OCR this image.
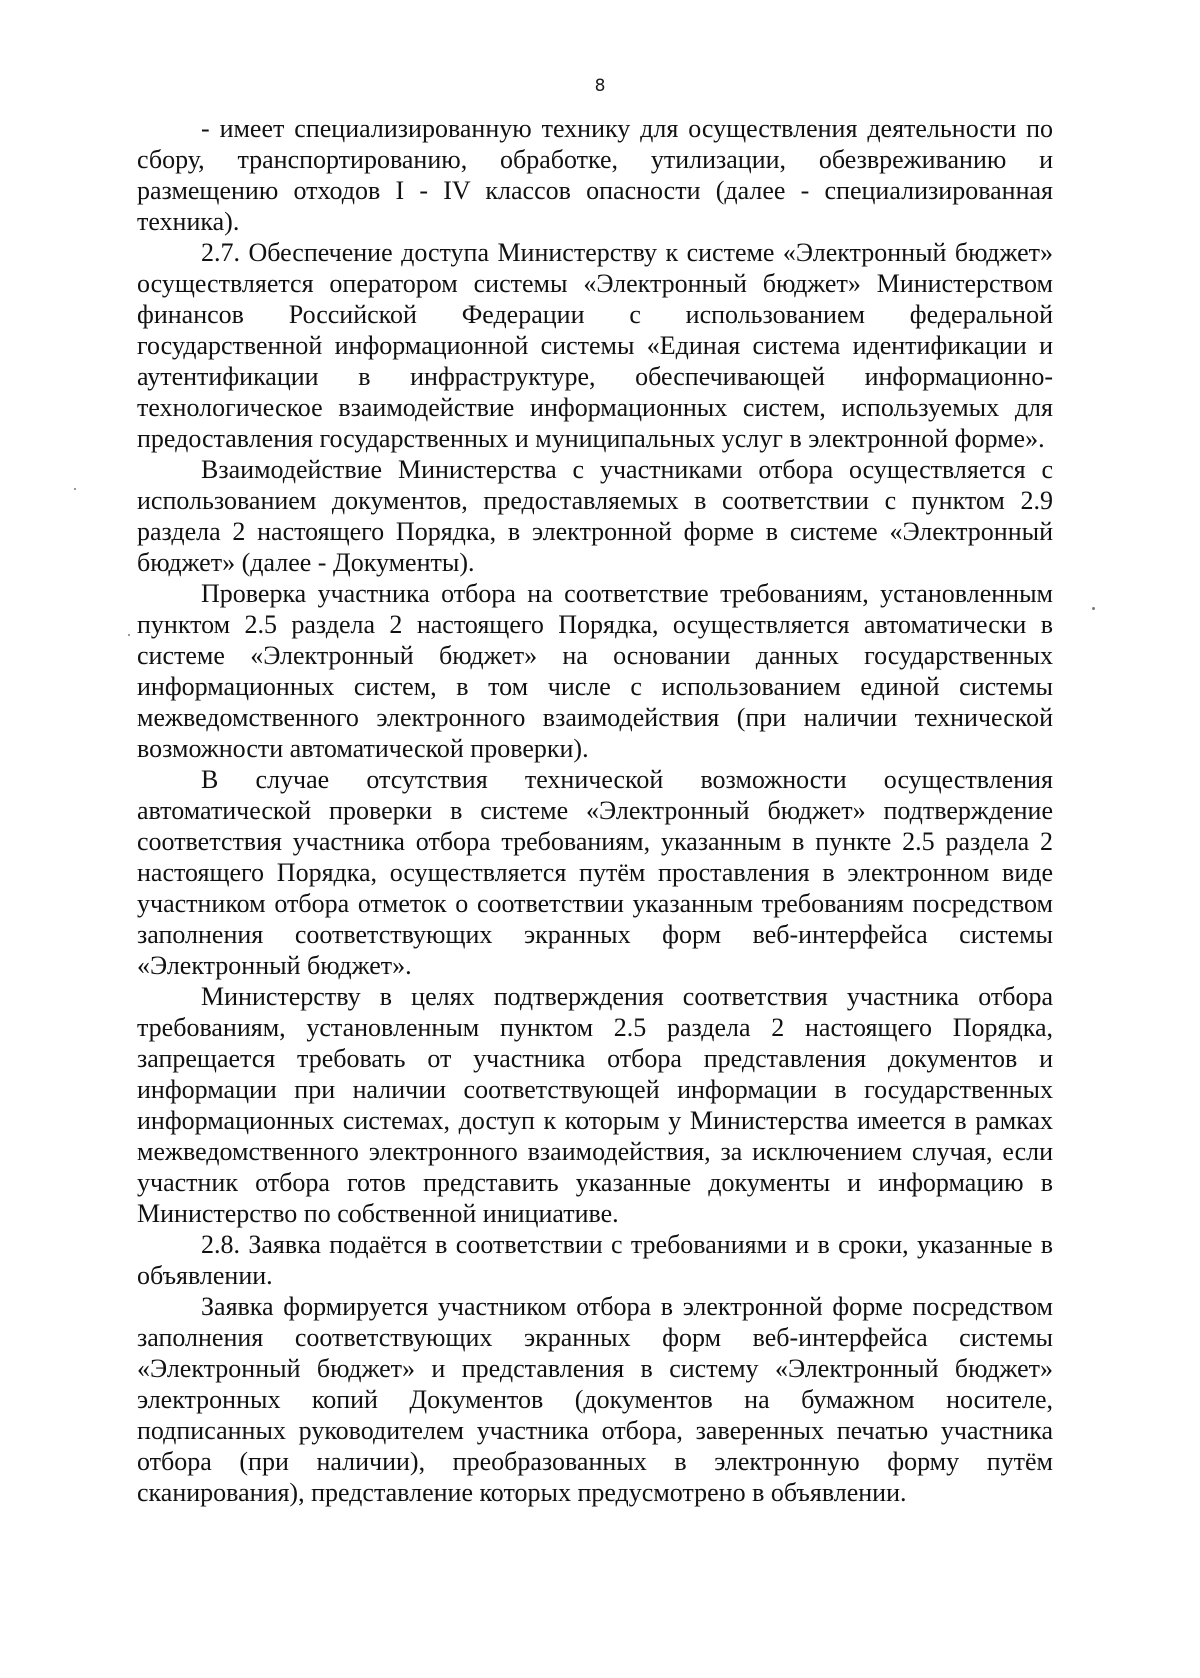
8

- имеет специализированную технику для осуществления деятельности по сбору, транспортированию, обработке, утилизации, обезвреживанию и размещению отходов I - IV классов опасности (далее - специализированная техника).

2.7. Обеспечение доступа Министерству к системе «Электронный бюджет» осуществляется оператором системы «Электронный бюджет» Министерством финансов Российской Федерации с использованием федеральной государственной информационной системы «Единая система идентификации и аутентификации в инфраструктуре, обеспечивающей информационно-технологическое взаимодействие информационных систем, используемых для предоставления государственных и муниципальных услуг в электронной форме».

Взаимодействие Министерства с участниками отбора осуществляется с использованием документов, предоставляемых в соответствии с пунктом 2.9 раздела 2 настоящего Порядка, в электронной форме в системе «Электронный бюджет» (далее - Документы).

Проверка участника отбора на соответствие требованиям, установленным пунктом 2.5 раздела 2 настоящего Порядка, осуществляется автоматически в системе «Электронный бюджет» на основании данных государственных информационных систем, в том числе с использованием единой системы межведомственного электронного взаимодействия (при наличии технической возможности автоматической проверки).

В случае отсутствия технической возможности осуществления автоматической проверки в системе «Электронный бюджет» подтверждение соответствия участника отбора требованиям, указанным в пункте 2.5 раздела 2 настоящего Порядка, осуществляется путём проставления в электронном виде участником отбора отметок о соответствии указанным требованиям посредством заполнения соответствующих экранных форм веб-интерфейса системы «Электронный бюджет».

Министерству в целях подтверждения соответствия участника отбора требованиям, установленным пунктом 2.5 раздела 2 настоящего Порядка, запрещается требовать от участника отбора представления документов и информации при наличии соответствующей информации в государственных информационных системах, доступ к которым у Министерства имеется в рамках межведомственного электронного взаимодействия, за исключением случая, если участник отбора готов представить указанные документы и информацию в Министерство по собственной инициативе.

2.8. Заявка подаётся в соответствии с требованиями и в сроки, указанные в объявлении.

Заявка формируется участником отбора в электронной форме посредством заполнения соответствующих экранных форм веб-интерфейса системы «Электронный бюджет» и представления в систему «Электронный бюджет» электронных копий Документов (документов на бумажном носителе, подписанных руководителем участника отбора, заверенных печатью участника отбора (при наличии), преобразованных в электронную форму путём сканирования), представление которых предусмотрено в объявлении.
